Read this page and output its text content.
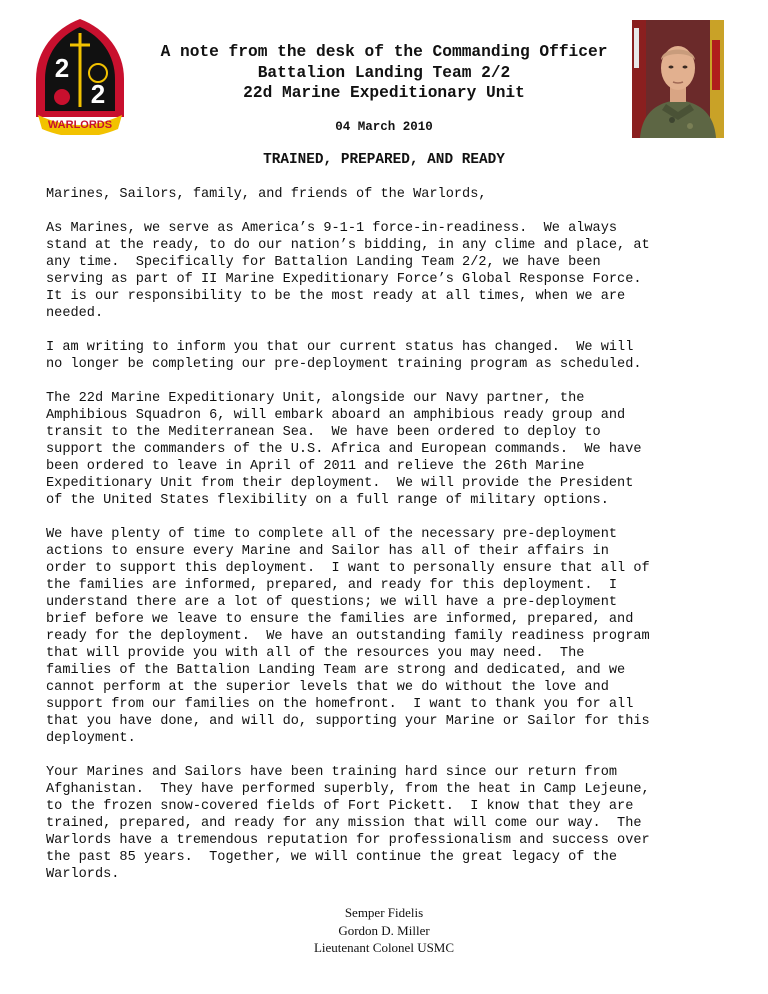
2
2
WARLORDS
A note from the desk of the Commanding Officer
Battalion Landing Team 2/2
22d Marine Expeditionary Unit
04 March 2010
TRAINED, PREPARED, AND READY
Marines, Sailors, family, and friends of the Warlords,
As Marines, we serve as America’s 9-1-1 force-in-readiness.  We always
stand at the ready, to do our nation’s bidding, in any clime and place, at
any time.  Specifically for Battalion Landing Team 2/2, we have been
serving as part of II Marine Expeditionary Force’s Global Response Force.
It is our responsibility to be the most ready at all times, when we are
needed.
I am writing to inform you that our current status has changed.  We will
no longer be completing our pre-deployment training program as scheduled.
The 22d Marine Expeditionary Unit, alongside our Navy partner, the
Amphibious Squadron 6, will embark aboard an amphibious ready group and
transit to the Mediterranean Sea.  We have been ordered to deploy to
support the commanders of the U.S. Africa and European commands.  We have
been ordered to leave in April of 2011 and relieve the 26th Marine
Expeditionary Unit from their deployment.  We will provide the President
of the United States flexibility on a full range of military options.
We have plenty of time to complete all of the necessary pre-deployment
actions to ensure every Marine and Sailor has all of their affairs in
order to support this deployment.  I want to personally ensure that all of
the families are informed, prepared, and ready for this deployment.  I
understand there are a lot of questions; we will have a pre-deployment
brief before we leave to ensure the families are informed, prepared, and
ready for the deployment.  We have an outstanding family readiness program
that will provide you with all of the resources you may need.  The
families of the Battalion Landing Team are strong and dedicated, and we
cannot perform at the superior levels that we do without the love and
support from our families on the homefront.  I want to thank you for all
that you have done, and will do, supporting your Marine or Sailor for this
deployment.
Your Marines and Sailors have been training hard since our return from
Afghanistan.  They have performed superbly, from the heat in Camp Lejeune,
to the frozen snow-covered fields of Fort Pickett.  I know that they are
trained, prepared, and ready for any mission that will come our way.  The
Warlords have a tremendous reputation for professionalism and success over
the past 85 years.  Together, we will continue the great legacy of the
Warlords.
Semper Fidelis
Gordon D. Miller
Lieutenant Colonel USMC
